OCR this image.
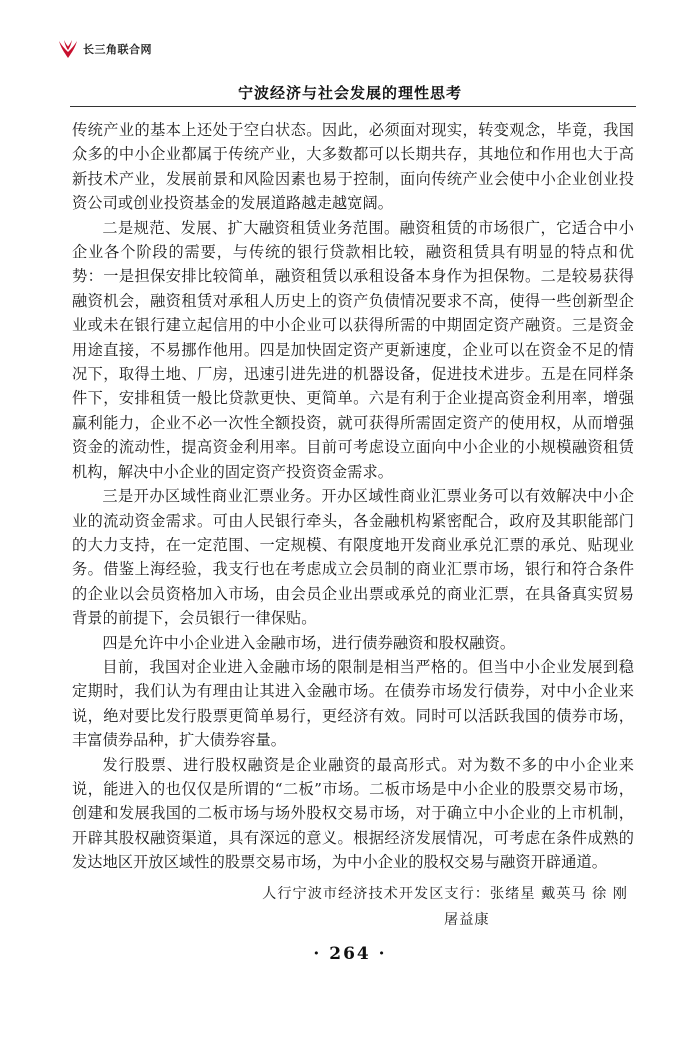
长三角联合网
宁波经济与社会发展的理性思考

传统产业的基本上还处于空白状态。因此，必须面对现实，转变观念，毕竟，我国众多的中小企业都属于传统产业，大多数都可以长期共存，其地位和作用也大于高新技术产业，发展前景和风险因素也易于控制，面向传统产业会使中小企业创业投资公司或创业投资基金的发展道路越走越宽阔。

二是规范、发展、扩大融资租赁业务范围。融资租赁的市场很广，它适合中小企业各个阶段的需要，与传统的银行贷款相比较，融资租赁具有明显的特点和优势：一是担保安排比较简单，融资租赁以承租设备本身作为担保物。二是较易获得融资机会，融资租赁对承租人历史上的资产负债情况要求不高，使得一些创新型企业或未在银行建立起信用的中小企业可以获得所需的中期固定资产融资。三是资金用途直接，不易挪作他用。四是加快固定资产更新速度，企业可以在资金不足的情况下，取得土地、厂房，迅速引进先进的机器设备，促进技术进步。五是在同样条件下，安排租赁一般比贷款更快、更简单。六是有利于企业提高资金利用率，增强赢利能力，企业不必一次性全额投资，就可获得所需固定资产的使用权，从而增强资金的流动性，提高资金利用率。目前可考虑设立面向中小企业的小规模融资租赁机构，解决中小企业的固定资产投资资金需求。

三是开办区域性商业汇票业务。开办区域性商业汇票业务可以有效解决中小企业的流动资金需求。可由人民银行牵头，各金融机构紧密配合，政府及其职能部门的大力支持，在一定范围、一定规模、有限度地开发商业承兑汇票的承兑、贴现业务。借鉴上海经验，我支行也在考虑成立会员制的商业汇票市场，银行和符合条件的企业以会员资格加入市场，由会员企业出票或承兑的商业汇票，在具备真实贸易背景的前提下，会员银行一律保贴。

四是允许中小企业进入金融市场，进行债券融资和股权融资。

目前，我国对企业进入金融市场的限制是相当严格的。但当中小企业发展到稳定期时，我们认为有理由让其进入金融市场。在债券市场发行债券，对中小企业来说，绝对要比发行股票更简单易行，更经济有效。同时可以活跃我国的债券市场，丰富债券品种，扩大债券容量。

发行股票、进行股权融资是企业融资的最高形式。对为数不多的中小企业来说，能进入的也仅仅是所谓的“二板”市场。二板市场是中小企业的股票交易市场，创建和发展我国的二板市场与场外股权交易市场，对于确立中小企业的上市机制，开辟其股权融资渠道，具有深远的意义。根据经济发展情况，可考虑在条件成熟的发达地区开放区域性的股票交易市场，为中小企业的股权交易与融资开辟通道。

人行宁波市经济技术开发区支行：张绪星 戴英马 徐 刚

屠益康

· 264 ·
